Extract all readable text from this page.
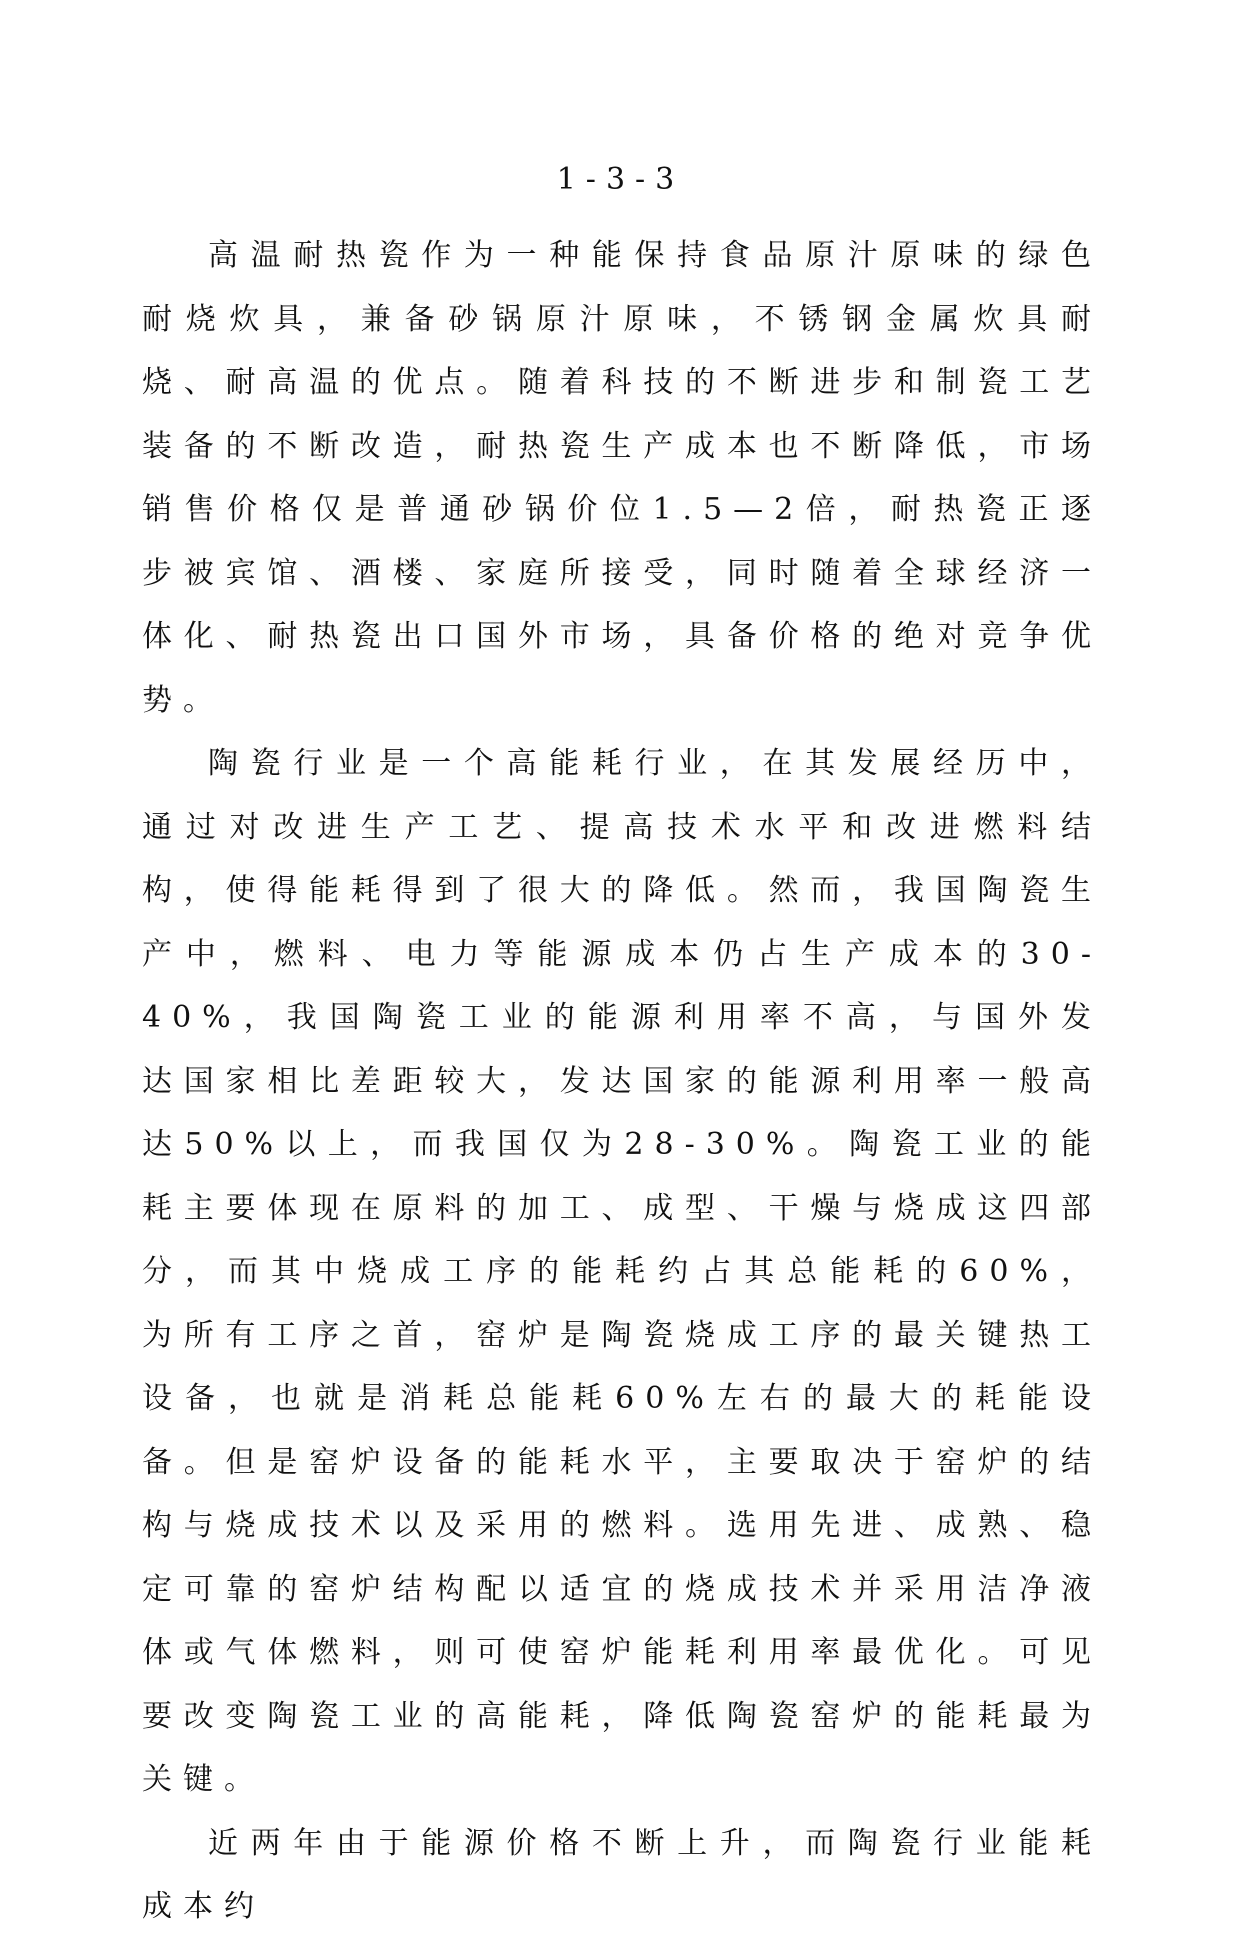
1-3-3

高温耐热瓷作为一种能保持食品原汁原味的绿色耐烧炊具，兼备砂锅原汁原味，不锈钢金属炊具耐烧、耐高温的优点。随着科技的不断进步和制瓷工艺装备的不断改造，耐热瓷生产成本也不断降低，市场销售价格仅是普通砂锅价位1.5—2倍，耐热瓷正逐步被宾馆、酒楼、家庭所接受，同时随着全球经济一体化、耐热瓷出口国外市场，具备价格的绝对竞争优势。

陶瓷行业是一个高能耗行业，在其发展经历中，通过对改进生产工艺、提高技术水平和改进燃料结构，使得能耗得到了很大的降低。然而，我国陶瓷生产中，燃料、电力等能源成本仍占生产成本的30-40%，我国陶瓷工业的能源利用率不高，与国外发达国家相比差距较大，发达国家的能源利用率一般高达50%以上，而我国仅为28-30%。陶瓷工业的能耗主要体现在原料的加工、成型、干燥与烧成这四部分，而其中烧成工序的能耗约占其总能耗的60%，为所有工序之首，窑炉是陶瓷烧成工序的最关键热工设备，也就是消耗总能耗60%左右的最大的耗能设备。但是窑炉设备的能耗水平，主要取决于窑炉的结构与烧成技术以及采用的燃料。选用先进、成熟、稳定可靠的窑炉结构配以适宜的烧成技术并采用洁净液体或气体燃料，则可使窑炉能耗利用率最优化。可见要改变陶瓷工业的高能耗，降低陶瓷窑炉的能耗最为关键。

近两年由于能源价格不断上升，而陶瓷行业能耗成本约
